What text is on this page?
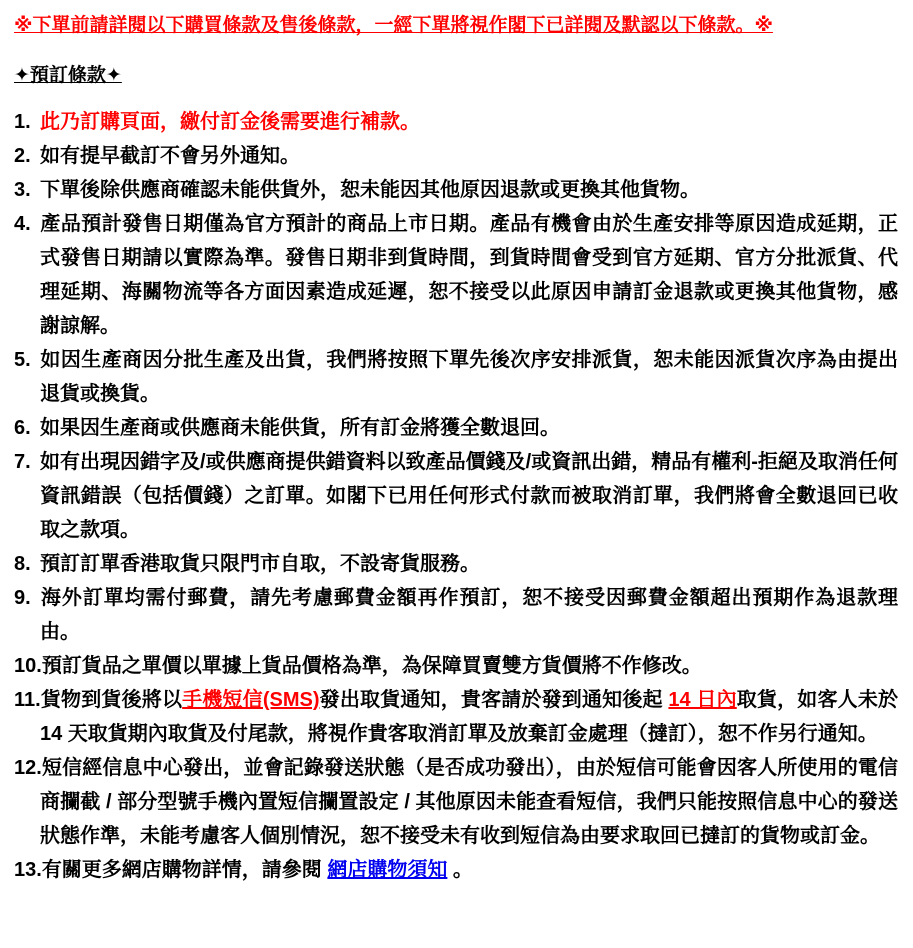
※下單前請詳閱以下購買條款及售後條款，一經下單將視作閣下已詳閱及默認以下條款。※
✦預訂條款✦
1. 此乃訂購頁面，繳付訂金後需要進行補款。
2. 如有提早截訂不會另外通知。
3. 下單後除供應商確認未能供貨外，恕未能因其他原因退款或更換其他貨物。
4. 產品預計發售日期僅為官方預計的商品上市日期。產品有機會由於生產安排等原因造成延期，正式發售日期請以實際為準。發售日期非到貨時間，到貨時間會受到官方延期、官方分批派貨、代理延期、海關物流等各方面因素造成延遲，恕不接受以此原因申請訂金退款或更換其他貨物，感謝諒解。
5. 如因生產商因分批生產及出貨，我們將按照下單先後次序安排派貨，恕未能因派貨次序為由提出退貨或換貨。
6. 如果因生產商或供應商未能供貨，所有訂金將獲全數退回。
7. 如有出現因錯字及/或供應商提供錯資料以致產品價錢及/或資訊出錯，精品有權利-拒絕及取消任何資訊錯誤（包括價錢）之訂單。如閣下已用任何形式付款而被取消訂單，我們將會全數退回已收取之款項。
8. 預訂訂單香港取貨只限門市自取，不設寄貨服務。
9. 海外訂單均需付郵費，請先考慮郵費金額再作預訂，恕不接受因郵費金額超出預期作為退款理由。
10.預訂貨品之單價以單據上貨品價格為準，為保障買賣雙方貨價將不作修改。
11.貨物到貨後將以手機短信(SMS)發出取貨通知，貴客請於發到通知後起 14 日內取貨，如客人未於 14 天取貨期內取貨及付尾款，將視作貴客取消訂單及放棄訂金處理（撻訂），恕不作另行通知。
12.短信經信息中心發出，並會記錄發送狀態（是否成功發出），由於短信可能會因客人所使用的電信商攔截 / 部分型號手機內置短信攔置設定 / 其他原因未能查看短信，我們只能按照信息中心的發送狀態作準，未能考慮客人個別情況，恕不接受未有收到短信為由要求取回已撻訂的貨物或訂金。
13.有關更多網店購物詳情，請參閱 網店購物須知 。
